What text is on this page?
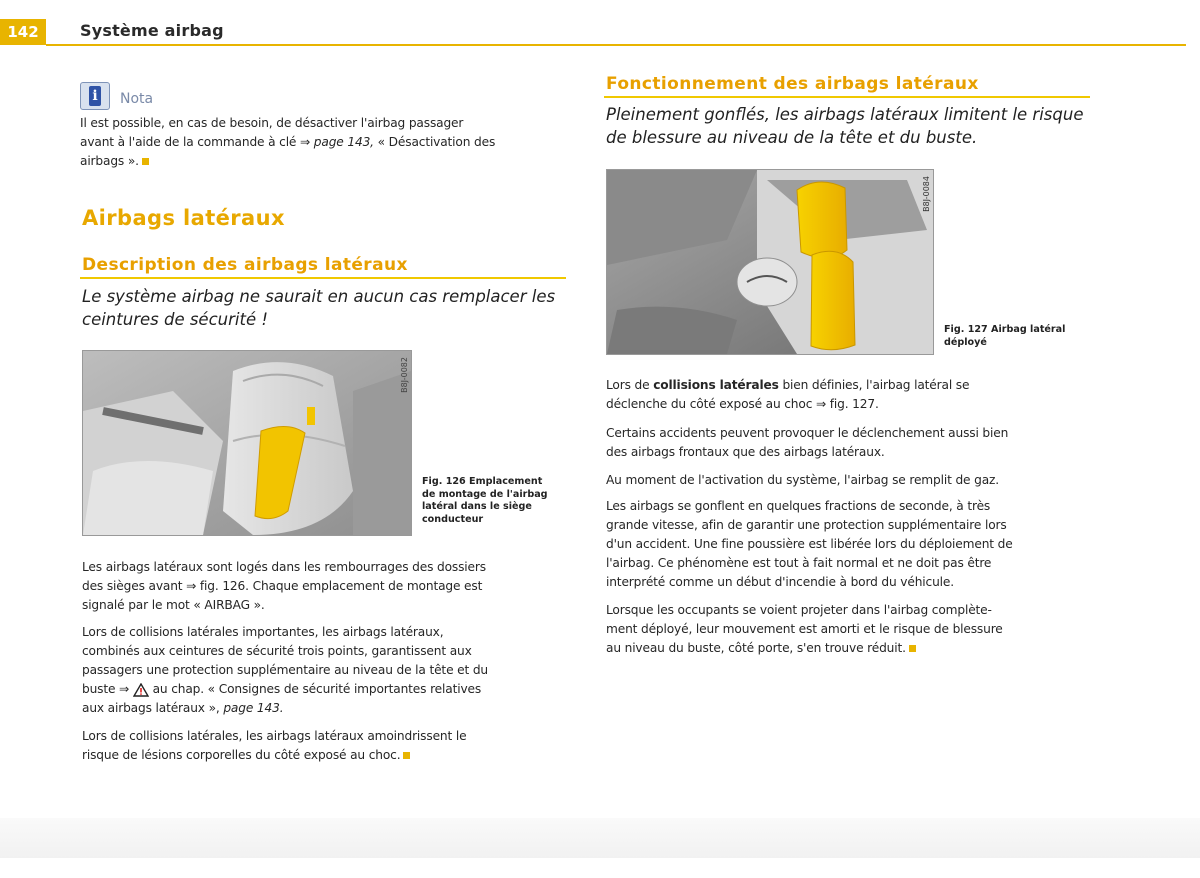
142	Système airbag
i Nota
Il est possible, en cas de besoin, de désactiver l'airbag passager
avant à l'aide de la commande à clé ⇒ page 143, « Désactivation des
airbags ».
Airbags latéraux
Description des airbags latéraux
Le système airbag ne saurait en aucun cas remplacer les
ceintures de sécurité !
B8J-0082
Fig. 126 Emplacement
de montage de l'airbag
latéral dans le siège
conducteur
Les airbags latéraux sont logés dans les rembourrages des dossiers
des sièges avant ⇒ fig. 126. Chaque emplacement de montage est
signalé par le mot « AIRBAG ».
Lors de collisions latérales importantes, les airbags latéraux,
combinés aux ceintures de sécurité trois points, garantissent aux
passagers une protection supplémentaire au niveau de la tête et du
buste ⇒  au chap. « Consignes de sécurité importantes relatives
aux airbags latéraux », page 143.
Lors de collisions latérales, les airbags latéraux amoindrissent le
risque de lésions corporelles du côté exposé au choc.
Fonctionnement des airbags latéraux
Pleinement gonflés, les airbags latéraux limitent le risque
de blessure au niveau de la tête et du buste.
B8J-0084
Fig. 127 Airbag latéral
déployé
Lors de collisions latérales bien définies, l'airbag latéral se
déclenche du côté exposé au choc ⇒ fig. 127.
Certains accidents peuvent provoquer le déclenchement aussi bien
des airbags frontaux que des airbags latéraux.
Au moment de l'activation du système, l'airbag se remplit de gaz.
Les airbags se gonflent en quelques fractions de seconde, à très
grande vitesse, afin de garantir une protection supplémentaire lors
d'un accident. Une fine poussière est libérée lors du déploiement de
l'airbag. Ce phénomène est tout à fait normal et ne doit pas être
interprété comme un début d'incendie à bord du véhicule.
Lorsque les occupants se voient projeter dans l'airbag complète-
ment déployé, leur mouvement est amorti et le risque de blessure
au niveau du buste, côté porte, s'en trouve réduit.
